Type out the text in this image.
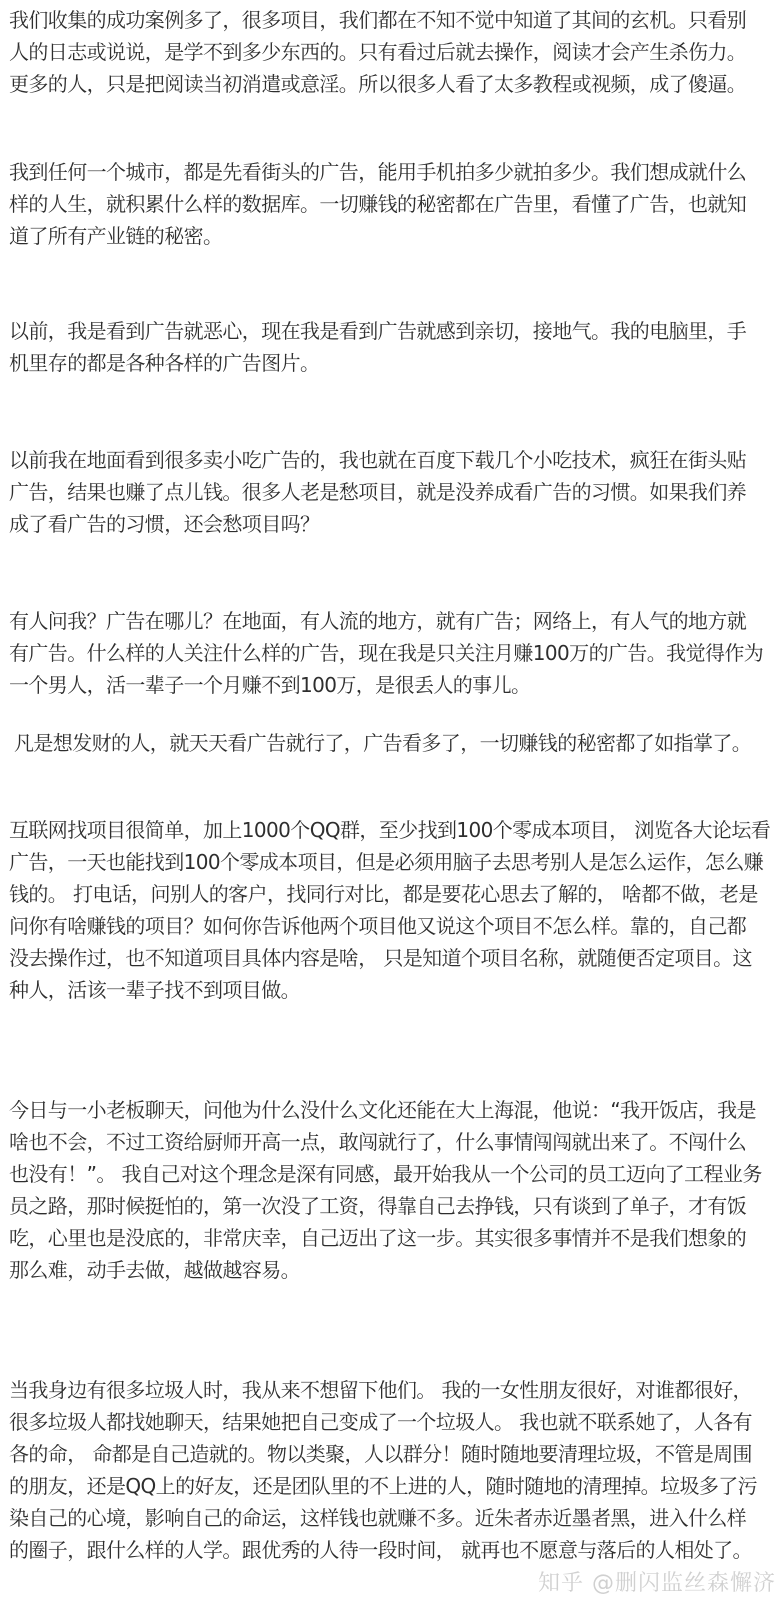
我们收集的成功案例多了，很多项目，我们都在不知不觉中知道了其间的玄机。只看别
人的日志或说说，是学不到多少东西的。只有看过后就去操作，阅读才会产生杀伤力。
更多的人，只是把阅读当初消遣或意淫。所以很多人看了太多教程或视频，成了傻逼。
我到任何一个城市，都是先看街头的广告，能用手机拍多少就拍多少。我们想成就什么
样的人生，就积累什么样的数据库。一切赚钱的秘密都在广告里，看懂了广告，也就知
道了所有产业链的秘密。
以前，我是看到广告就恶心，现在我是看到广告就感到亲切，接地气。我的电脑里，手
机里存的都是各种各样的广告图片。
以前我在地面看到很多卖小吃广告的，我也就在百度下载几个小吃技术，疯狂在街头贴
广告，结果也赚了点儿钱。很多人老是愁项目，就是没养成看广告的习惯。如果我们养
成了看广告的习惯，还会愁项目吗？
有人问我？广告在哪儿？在地面，有人流的地方，就有广告；网络上，有人气的地方就
有广告。什么样的人关注什么样的广告，现在我是只关注月赚100万的广告。我觉得作为
一个男人，活一辈子一个月赚不到100万，是很丢人的事儿。
凡是想发财的人，就天天看广告就行了，广告看多了，一切赚钱的秘密都了如指掌了。
互联网找项目很简单，加上1000个QQ群，至少找到100个零成本项目， 浏览各大论坛看
广告，一天也能找到100个零成本项目，但是必须用脑子去思考别人是怎么运作，怎么赚
钱的。 打电话，问别人的客户，找同行对比，都是要花心思去了解的， 啥都不做，老是
问你有啥赚钱的项目？如何你告诉他两个项目他又说这个项目不怎么样。靠的，自己都
没去操作过，也不知道项目具体内容是啥， 只是知道个项目名称，就随便否定项目。这
种人，活该一辈子找不到项目做。
今日与一小老板聊天，问他为什么没什么文化还能在大上海混，他说：“我开饭店，我是
啥也不会，不过工资给厨师开高一点，敢闯就行了，什么事情闯闯就出来了。不闯什么
也没有！”。 我自己对这个理念是深有同感，最开始我从一个公司的员工迈向了工程业务
员之路，那时候挺怕的，第一次没了工资，得靠自己去挣钱，只有谈到了单子，才有饭
吃，心里也是没底的，非常庆幸，自己迈出了这一步。其实很多事情并不是我们想象的
那么难，动手去做，越做越容易。
当我身边有很多垃圾人时，我从来不想留下他们。 我的一女性朋友很好，对谁都很好，
很多垃圾人都找她聊天，结果她把自己变成了一个垃圾人。 我也就不联系她了，人各有
各的命， 命都是自己造就的。物以类聚，人以群分！随时随地要清理垃圾，不管是周围
的朋友，还是QQ上的好友，还是团队里的不上进的人，随时随地的清理掉。垃圾多了污
染自己的心境，影响自己的命运，这样钱也就赚不多。近朱者赤近墨者黑，进入什么样
的圈子，跟什么样的人学。跟优秀的人待一段时间， 就再也不愿意与落后的人相处了。
知乎 @删闪监丝森懈济
